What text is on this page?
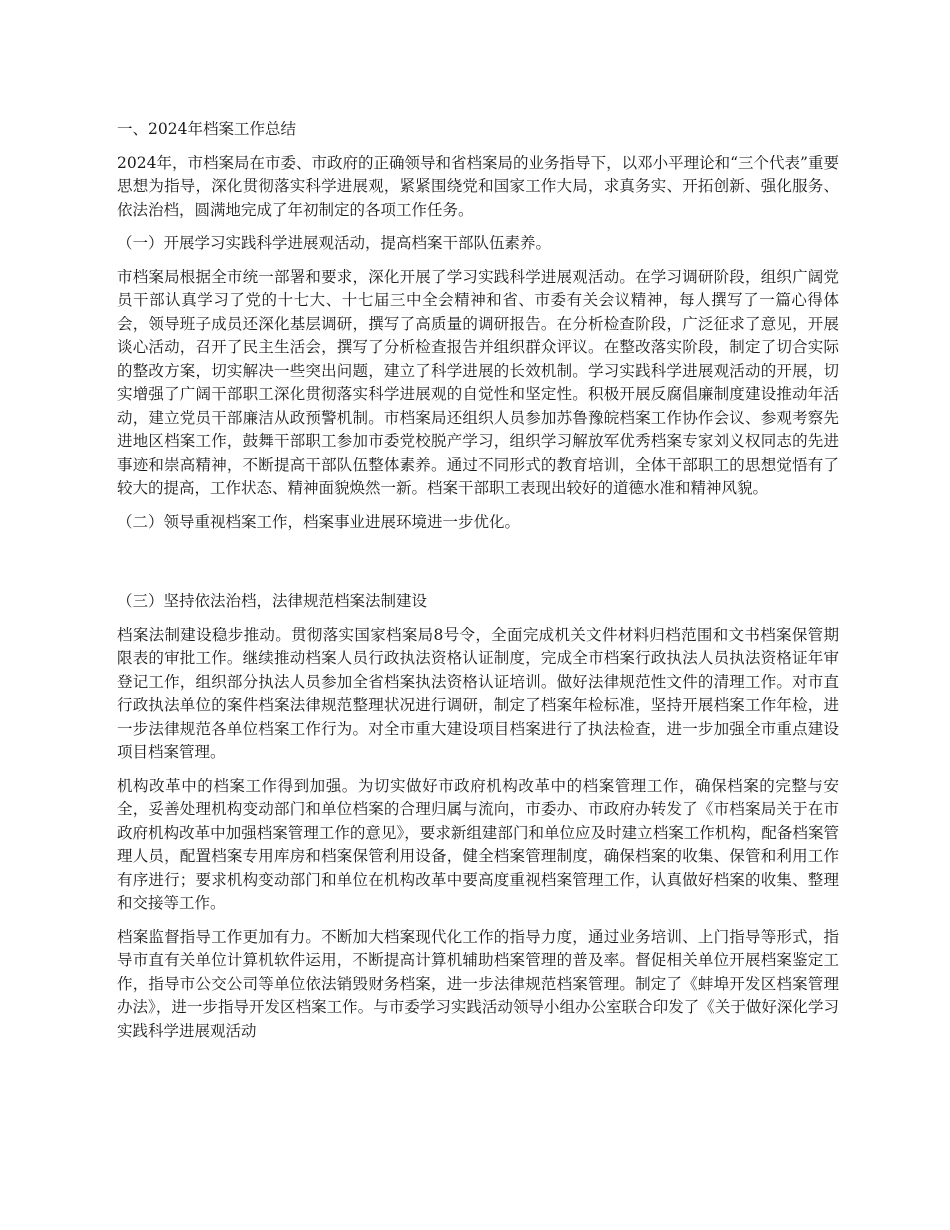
一、2024年档案工作总结

2024年，市档案局在市委、市政府的正确领导和省档案局的业务指导下，以邓小平理论和“三个代表”重要思想为指导，深化贯彻落实科学进展观，紧紧围绕党和国家工作大局，求真务实、开拓创新、强化服务、依法治档，圆满地完成了年初制定的各项工作任务。

（一）开展学习实践科学进展观活动，提高档案干部队伍素养。

市档案局根据全市统一部署和要求，深化开展了学习实践科学进展观活动。在学习调研阶段，组织广阔党员干部认真学习了党的十七大、十七届三中全会精神和省、市委有关会议精神，每人撰写了一篇心得体会，领导班子成员还深化基层调研，撰写了高质量的调研报告。在分析检查阶段，广泛征求了意见，开展谈心活动，召开了民主生活会，撰写了分析检查报告并组织群众评议。在整改落实阶段，制定了切合实际的整改方案，切实解决一些突出问题，建立了科学进展的长效机制。学习实践科学进展观活动的开展，切实增强了广阔干部职工深化贯彻落实科学进展观的自觉性和坚定性。积极开展反腐倡廉制度建设推动年活动，建立党员干部廉洁从政预警机制。市档案局还组织人员参加苏鲁豫皖档案工作协作会议、参观考察先进地区档案工作，鼓舞干部职工参加市委党校脱产学习，组织学习解放军优秀档案专家刘义权同志的先进事迹和崇高精神，不断提高干部队伍整体素养。通过不同形式的教育培训，全体干部职工的思想觉悟有了较大的提高，工作状态、精神面貌焕然一新。档案干部职工表现出较好的道德水准和精神风貌。

（二）领导重视档案工作，档案事业进展环境进一步优化。

（三）坚持依法治档，法律规范档案法制建设

档案法制建设稳步推动。贯彻落实国家档案局8号令，全面完成机关文件材料归档范围和文书档案保管期限表的审批工作。继续推动档案人员行政执法资格认证制度，完成全市档案行政执法人员执法资格证年审登记工作，组织部分执法人员参加全省档案执法资格认证培训。做好法律规范性文件的清理工作。对市直行政执法单位的案件档案法律规范整理状况进行调研，制定了档案年检标准，坚持开展档案工作年检，进一步法律规范各单位档案工作行为。对全市重大建设项目档案进行了执法检查，进一步加强全市重点建设项目档案管理。

机构改革中的档案工作得到加强。为切实做好市政府机构改革中的档案管理工作，确保档案的完整与安全，妥善处理机构变动部门和单位档案的合理归属与流向，市委办、市政府办转发了《市档案局关于在市政府机构改革中加强档案管理工作的意见》，要求新组建部门和单位应及时建立档案工作机构，配备档案管理人员，配置档案专用库房和档案保管利用设备，健全档案管理制度，确保档案的收集、保管和利用工作有序进行；要求机构变动部门和单位在机构改革中要高度重视档案管理工作，认真做好档案的收集、整理和交接等工作。

档案监督指导工作更加有力。不断加大档案现代化工作的指导力度，通过业务培训、上门指导等形式，指导市直有关单位计算机软件运用，不断提高计算机辅助档案管理的普及率。督促相关单位开展档案鉴定工作，指导市公交公司等单位依法销毁财务档案，进一步法律规范档案管理。制定了《蚌埠开发区档案管理办法》，进一步指导开发区档案工作。与市委学习实践活动领导小组办公室联合印发了《关于做好深化学习实践科学进展观活动
